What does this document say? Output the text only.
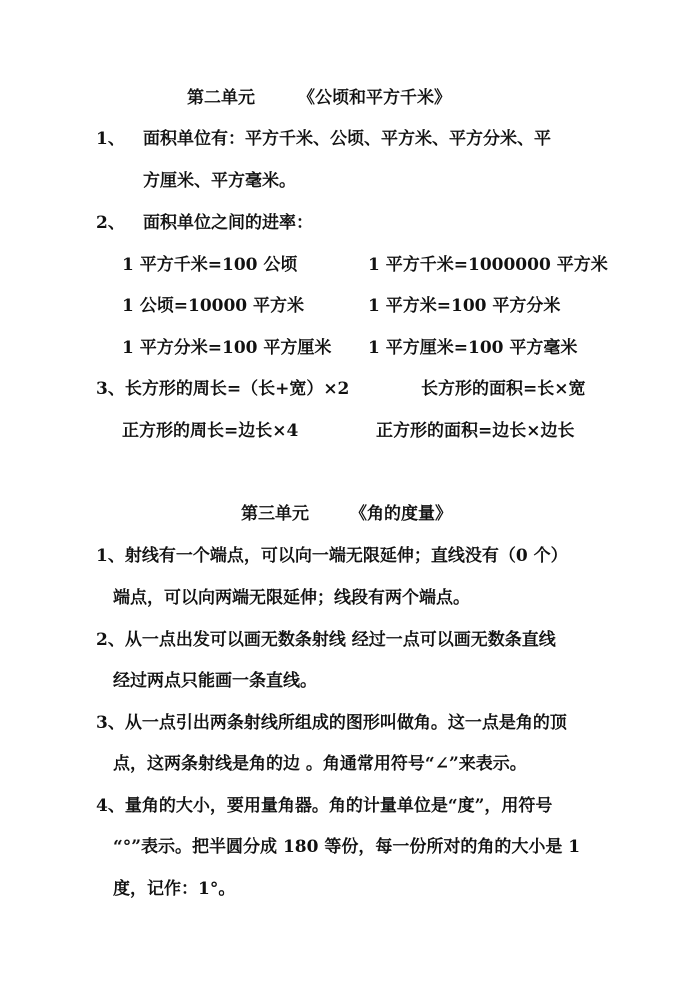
第二单元	《公顷和平方千米》
1、 面积单位有：平方千米、公顷、平方米、平方分米、平
方厘米、平方毫米。
2、 面积单位之间的进率：
1 平方千米=100 公顷	1 平方千米=1000000 平方米
1 公顷=10000 平方米	1 平方米=100 平方分米
1 平方分米=100 平方厘米 1 平方厘米=100 平方毫米
3、长方形的周长=（长+宽）×2	长方形的面积=长×宽
正方形的周长=边长×4	正方形的面积=边长×边长
第三单元 《角的度量》
1、射线有一个端点，可以向一端无限延伸；直线没有（0 个）
端点，可以向两端无限延伸；线段有两个端点。
2、从一点出发可以画无数条射线 经过一点可以画无数条直线
经过两点只能画一条直线。
3、从一点引出两条射线所组成的图形叫做角。这一点是角的顶
点，这两条射线是角的边 。角通常用符号“∠”来表示。
4、量角的大小，要用量角器。角的计量单位是“度”，用符号
“°”表示。把半圆分成 180 等份，每一份所对的角的大小是 1
度，记作：1°。
